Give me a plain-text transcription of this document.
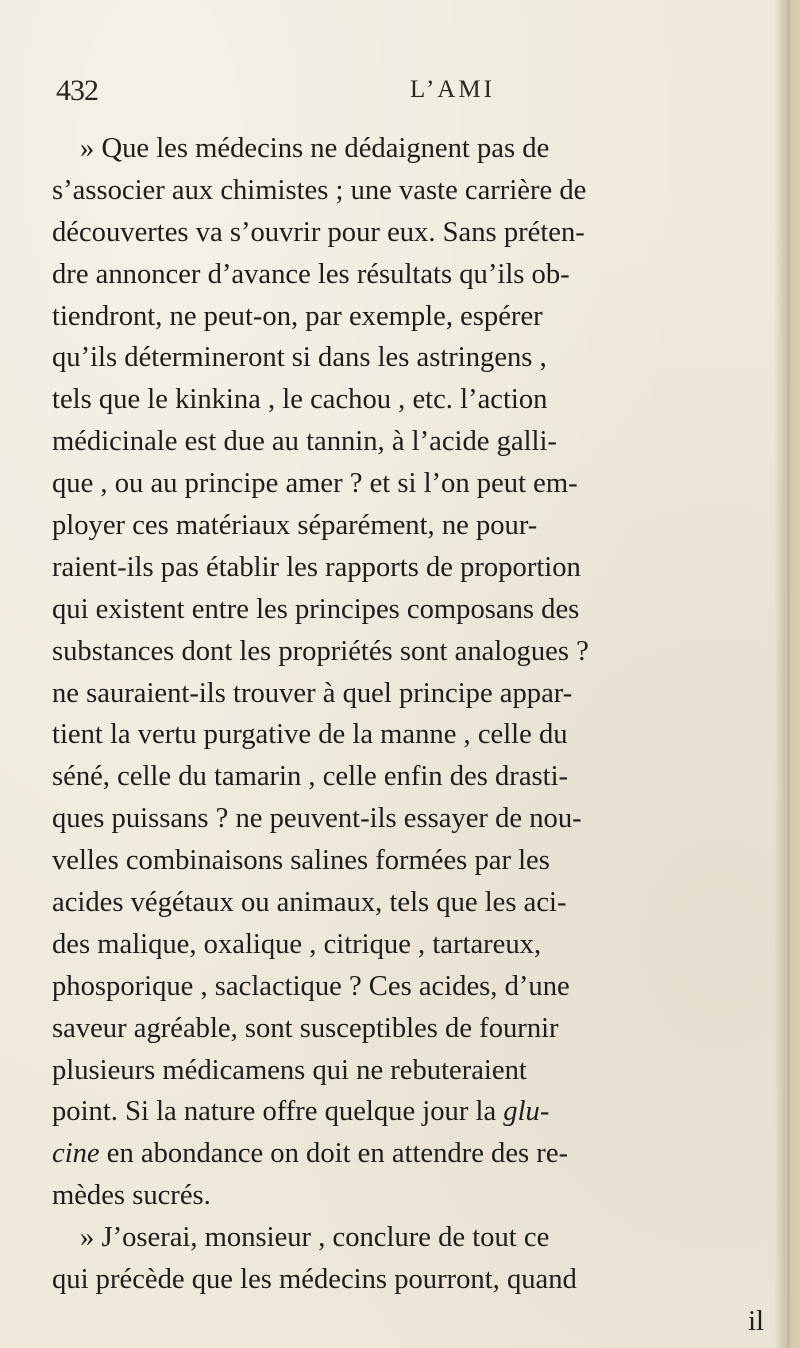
432	L’AMI
» Que les médecins ne dédaignent pas de
s’associer aux chimistes ; une vaste carrière de
découvertes va s’ouvrir pour eux. Sans préten-
dre annoncer d’avance les résultats qu’ils ob-
tiendront, ne peut-on, par exemple, espérer
qu’ils détermineront si dans les astringens ,
tels que le kinkina , le cachou , etc. l’action
médicinale est due au tannin, à l’acide galli-
que , ou au principe amer ? et si l’on peut em-
ployer ces matériaux séparément, ne pour-
raient-ils pas établir les rapports de proportion
qui existent entre les principes composans des
substances dont les propriétés sont analogues ?
ne sauraient-ils trouver à quel principe appar-
tient la vertu purgative de la manne , celle du
séné, celle du tamarin , celle enfin des drasti-
ques puissans ? ne peuvent-ils essayer de nou-
velles combinaisons salines formées par les
acides végétaux ou animaux, tels que les aci-
des malique, oxalique , citrique , tartareux,
phosporique , saclactique ? Ces acides, d’une
saveur agréable, sont susceptibles de fournir
plusieurs médicamens qui ne rebuteraient
point. Si la nature offre quelque jour la glu-
cine en abondance on doit en attendre des re-
mèdes sucrés.
» J’oserai, monsieur , conclure de tout ce
qui précède que les médecins pourront, quand
il
